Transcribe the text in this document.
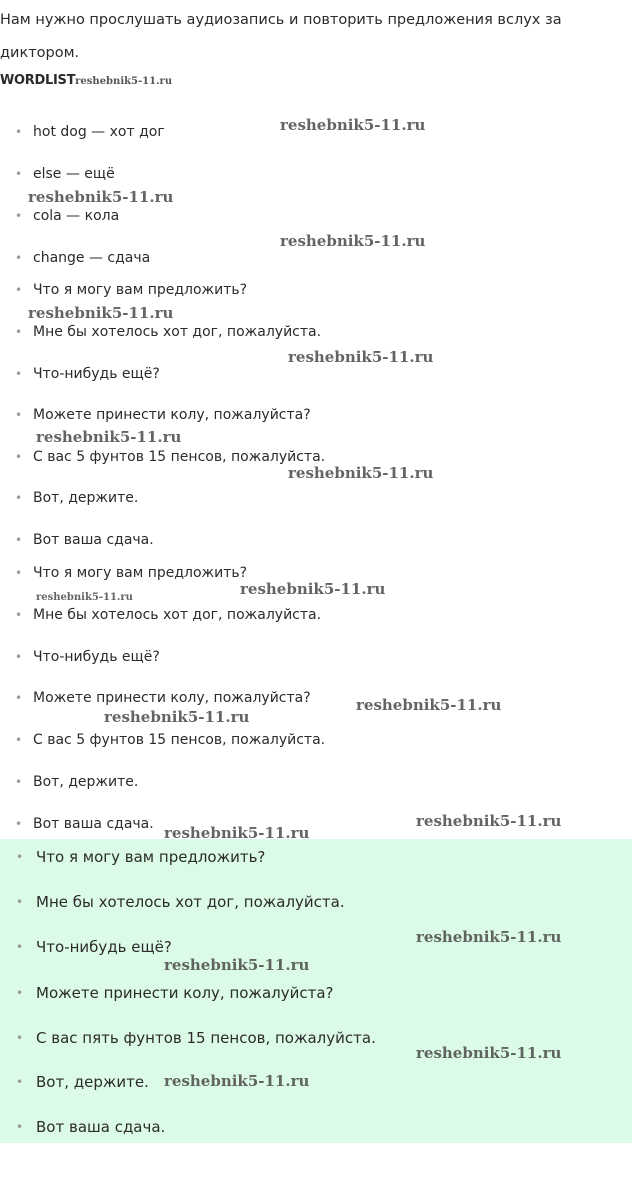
Нам нужно прослушать аудиозапись и повторить предложения вслух за диктором.

WORDLISTreshebnik5-11.ru

• hot dog — хот дог
• else — ещё
• cola — кола
• change — сдача
• Что я могу вам предложить?
• Мне бы хотелось хот дог, пожалуйста.
• Что-нибудь ещё?
• Можете принести колу, пожалуйста?
• С вас 5 фунтов 15 пенсов, пожалуйста.
• Вот, держите.
• Вот ваша сдача.
• Что я могу вам предложить?
• Мне бы хотелось хот дог, пожалуйста.
• Что-нибудь ещё?
• Можете принести колу, пожалуйста?
• С вас 5 фунтов 15 пенсов, пожалуйста.
• Вот, держите.
• Вот ваша сдача.
• Что я могу вам предложить?
• Мне бы хотелось хот дог, пожалуйста.
• Что-нибудь ещё?
• Можете принести колу, пожалуйста?
• С вас пять фунтов 15 пенсов, пожалуйста.
• Вот, держите.
• Вот ваша сдача.
reshebnik5-11.ru
reshebnik5-11.ru
reshebnik5-11.ru
reshebnik5-11.ru
reshebnik5-11.ru
reshebnik5-11.ru
reshebnik5-11.ru
reshebnik5-11.ru	reshebnik5-11.ru
reshebnik5-11.ru
reshebnik5-11.ru
reshebnik5-11.ru
reshebnik5-11.ru
reshebnik5-11.ru
reshebnik5-11.ru
reshebnik5-11.ru
reshebnik5-11.ru
